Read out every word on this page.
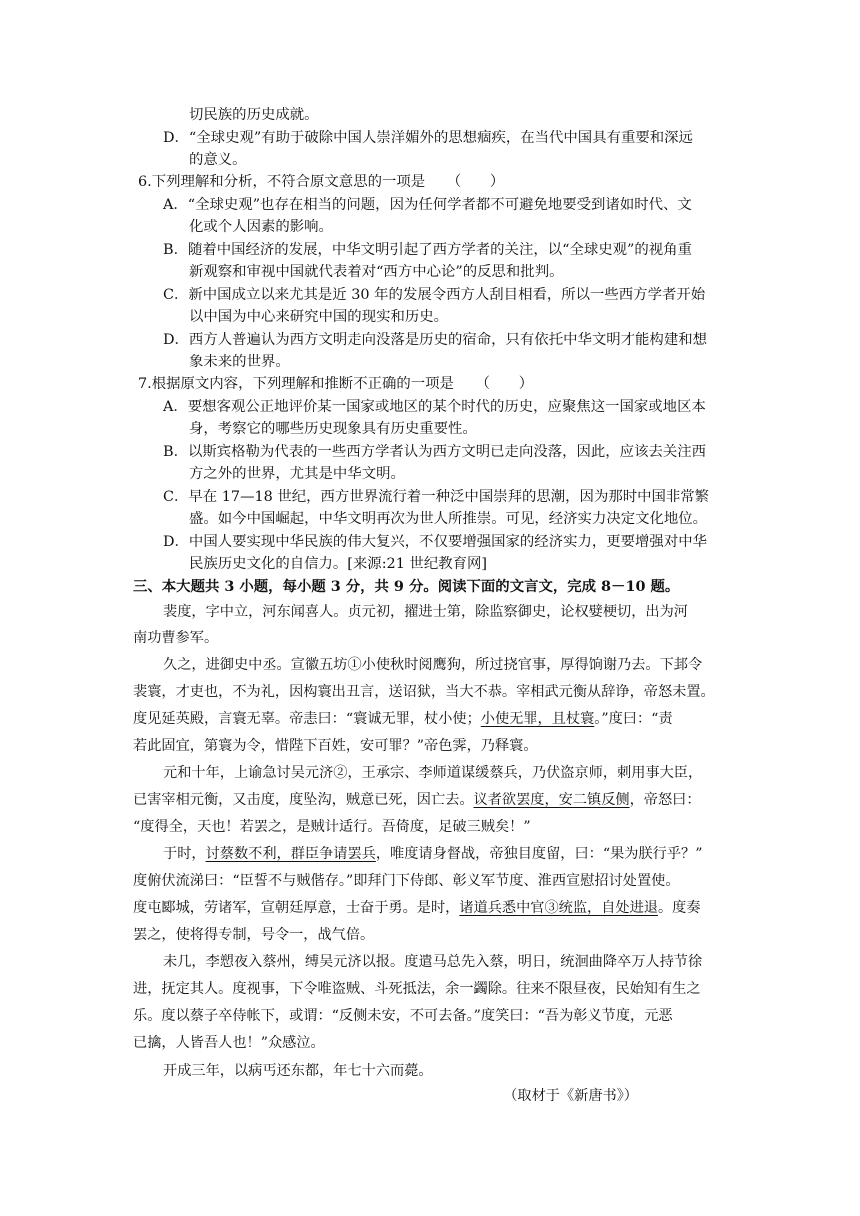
切民族的历史成就。
D．“全球史观”有助于破除中国人崇洋媚外的思想痼疾，在当代中国具有重要和深远
的意义。
6.下列理解和分析，不符合原文意思的一项是　　（　　）
A．“全球史观”也存在相当的问题，因为任何学者都不可避免地要受到诸如时代、文
化或个人因素的影响。
B．随着中国经济的发展，中华文明引起了西方学者的关注，以“全球史观”的视角重
新观察和审视中国就代表着对“西方中心论”的反思和批判。
C．新中国成立以来尤其是近 30 年的发展令西方人刮目相看，所以一些西方学者开始
以中国为中心来研究中国的现实和历史。
D．西方人普遍认为西方文明走向没落是历史的宿命，只有依托中华文明才能构建和想
象未来的世界。
7.根据原文内容，下列理解和推断不正确的一项是　　（　　）
A．要想客观公正地评价某一国家或地区的某个时代的历史，应聚焦这一国家或地区本
身，考察它的哪些历史现象具有历史重要性。
B．以斯宾格勒为代表的一些西方学者认为西方文明已走向没落，因此，应该去关注西
方之外的世界，尤其是中华文明。
C．早在 17—18 世纪，西方世界流行着一种泛中国崇拜的思潮，因为那时中国非常繁
盛。如今中国崛起，中华文明再次为世人所推崇。可见，经济实力决定文化地位。
D．中国人要实现中华民族的伟大复兴，不仅要增强国家的经济实力，更要增强对中华
民族历史文化的自信力。[来源:21 世纪教育网]
三、本大题共 3 小题，每小题 3 分，共 9 分。阅读下面的文言文，完成 8－10 题。
裴度，字中立，河东闻喜人。贞元初，擢进士第，除监察御史，论权嬖梗切，出为河
南功曹参军。
久之，进御史中丞。宣徽五坊①小使秋时阅鹰狗，所过挠官事，厚得饷谢乃去。下邽令
裴寰，才吏也，不为礼，因构寰出丑言，送诏狱，当大不恭。宰相武元衡从辞诤，帝怒未置。
度见延英殿，言寰无辜。帝恚曰：“寰诚无罪，杖小使；小使无罪，且杖寰。”度曰：“责
若此固宜，第寰为令，惜陛下百姓，安可罪？”帝色霁，乃释寰。
元和十年，上谕急讨吴元济②，王承宗、李师道谋缓蔡兵，乃伏盗京师，刺用事大臣，
已害宰相元衡，又击度，度坠沟，贼意已死，因亡去。议者欲罢度，安二镇反侧，帝怒曰：
“度得全，天也！若罢之，是贼计适行。吾倚度，足破三贼矣！”
于时，讨蔡数不利，群臣争请罢兵，唯度请身督战，帝独目度留，曰：“果为朕行乎？”
度俯伏流涕曰：“臣誓不与贼偕存。”即拜门下侍郎、彰义军节度、淮西宣慰招讨处置使。
度屯郾城，劳诸军，宣朝廷厚意，士奋于勇。是时，诸道兵悉中官③统监，自处进退。度奏
罢之，使将得专制，号令一，战气倍。
未几，李愬夜入蔡州，缚吴元济以报。度遣马总先入蔡，明日，统洄曲降卒万人持节徐
进，抚定其人。度视事，下令唯盗贼、斗死抵法，余一蠲除。往来不限昼夜，民始知有生之
乐。度以蔡子卒侍帐下，或谓：“反侧未安，不可去备。”度笑曰：“吾为彰义节度，元恶
已擒，人皆吾人也！”众感泣。
开成三年，以病丐还东都，年七十六而薨。
（取材于《新唐书》）
